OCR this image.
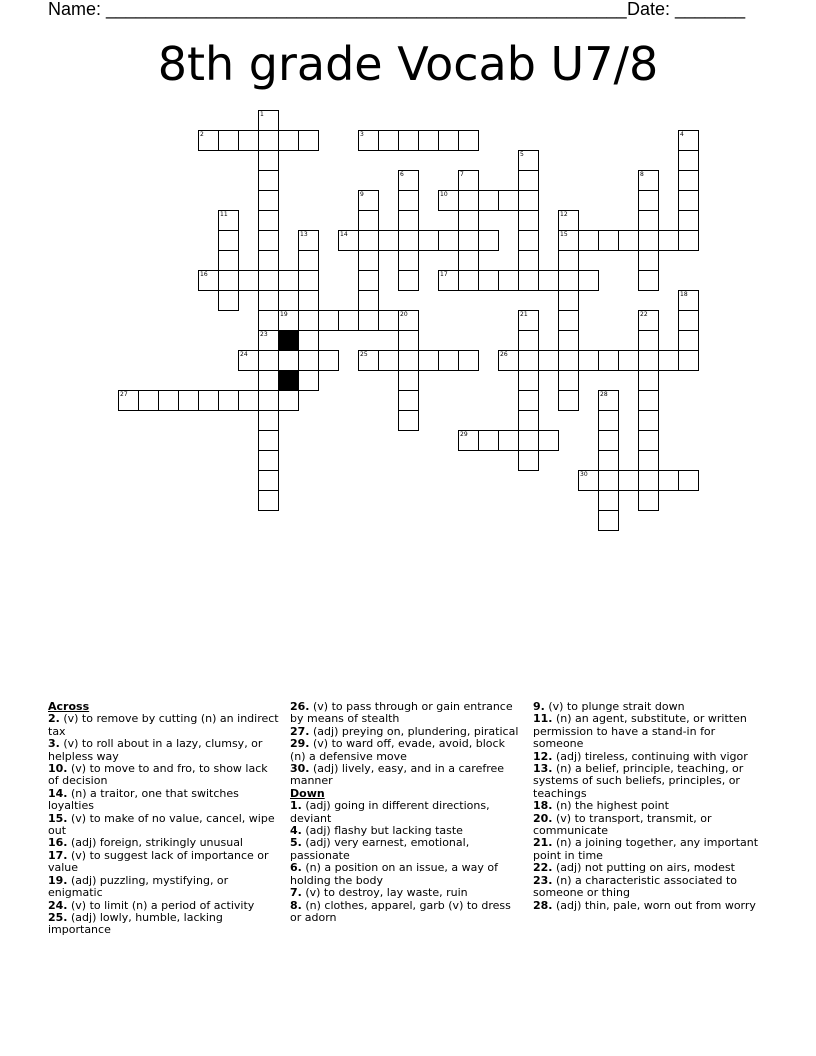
Name: ____________________________________________________ Date: _______
8th grade Vocab U7/8
1
23
2	3	4
5
6	7	8
9	10
11	12
15
13	14
16	17
18
19	20	21	22
24	25	26
27	28
29
30

Across

2. (v) to remove by cutting (n) an indirect tax

3. (v) to roll about in a lazy, clumsy, or helpless way

10. (v) to move to and fro, to show lack of decision

14. (n) a traitor, one that switches loyalties

15. (v) to make of no value, cancel, wipe out

16. (adj) foreign, strikingly unusual

17. (v) to suggest lack of importance or value

19. (adj) puzzling, mystifying, or enigmatic

24. (v) to limit (n) a period of activity

25. (adj) lowly, humble, lacking importance

26. (v) to pass through or gain entrance by means of stealth

27. (adj) preying on, plundering, piratical

29. (v) to ward off, evade, avoid, block (n) a defensive move

30. (adj) lively, easy, and in a carefree manner

Down

1. (adj) going in different directions, deviant

4. (adj) flashy but lacking taste

5. (adj) very earnest, emotional, passionate

6. (n) a position on an issue, a way of holding the body

7. (v) to destroy, lay waste, ruin

8. (n) clothes, apparel, garb (v) to dress or adorn

9. (v) to plunge strait down

11. (n) an agent, substitute, or written permission to have a stand-in for someone

12. (adj) tireless, continuing with vigor

13. (n) a belief, principle, teaching, or systems of such beliefs, principles, or teachings

18. (n) the highest point

20. (v) to transport, transmit, or communicate

21. (n) a joining together, any important point in time

22. (adj) not putting on airs, modest

23. (n) a characteristic associated to someone or thing

28. (adj) thin, pale, worn out from worry
